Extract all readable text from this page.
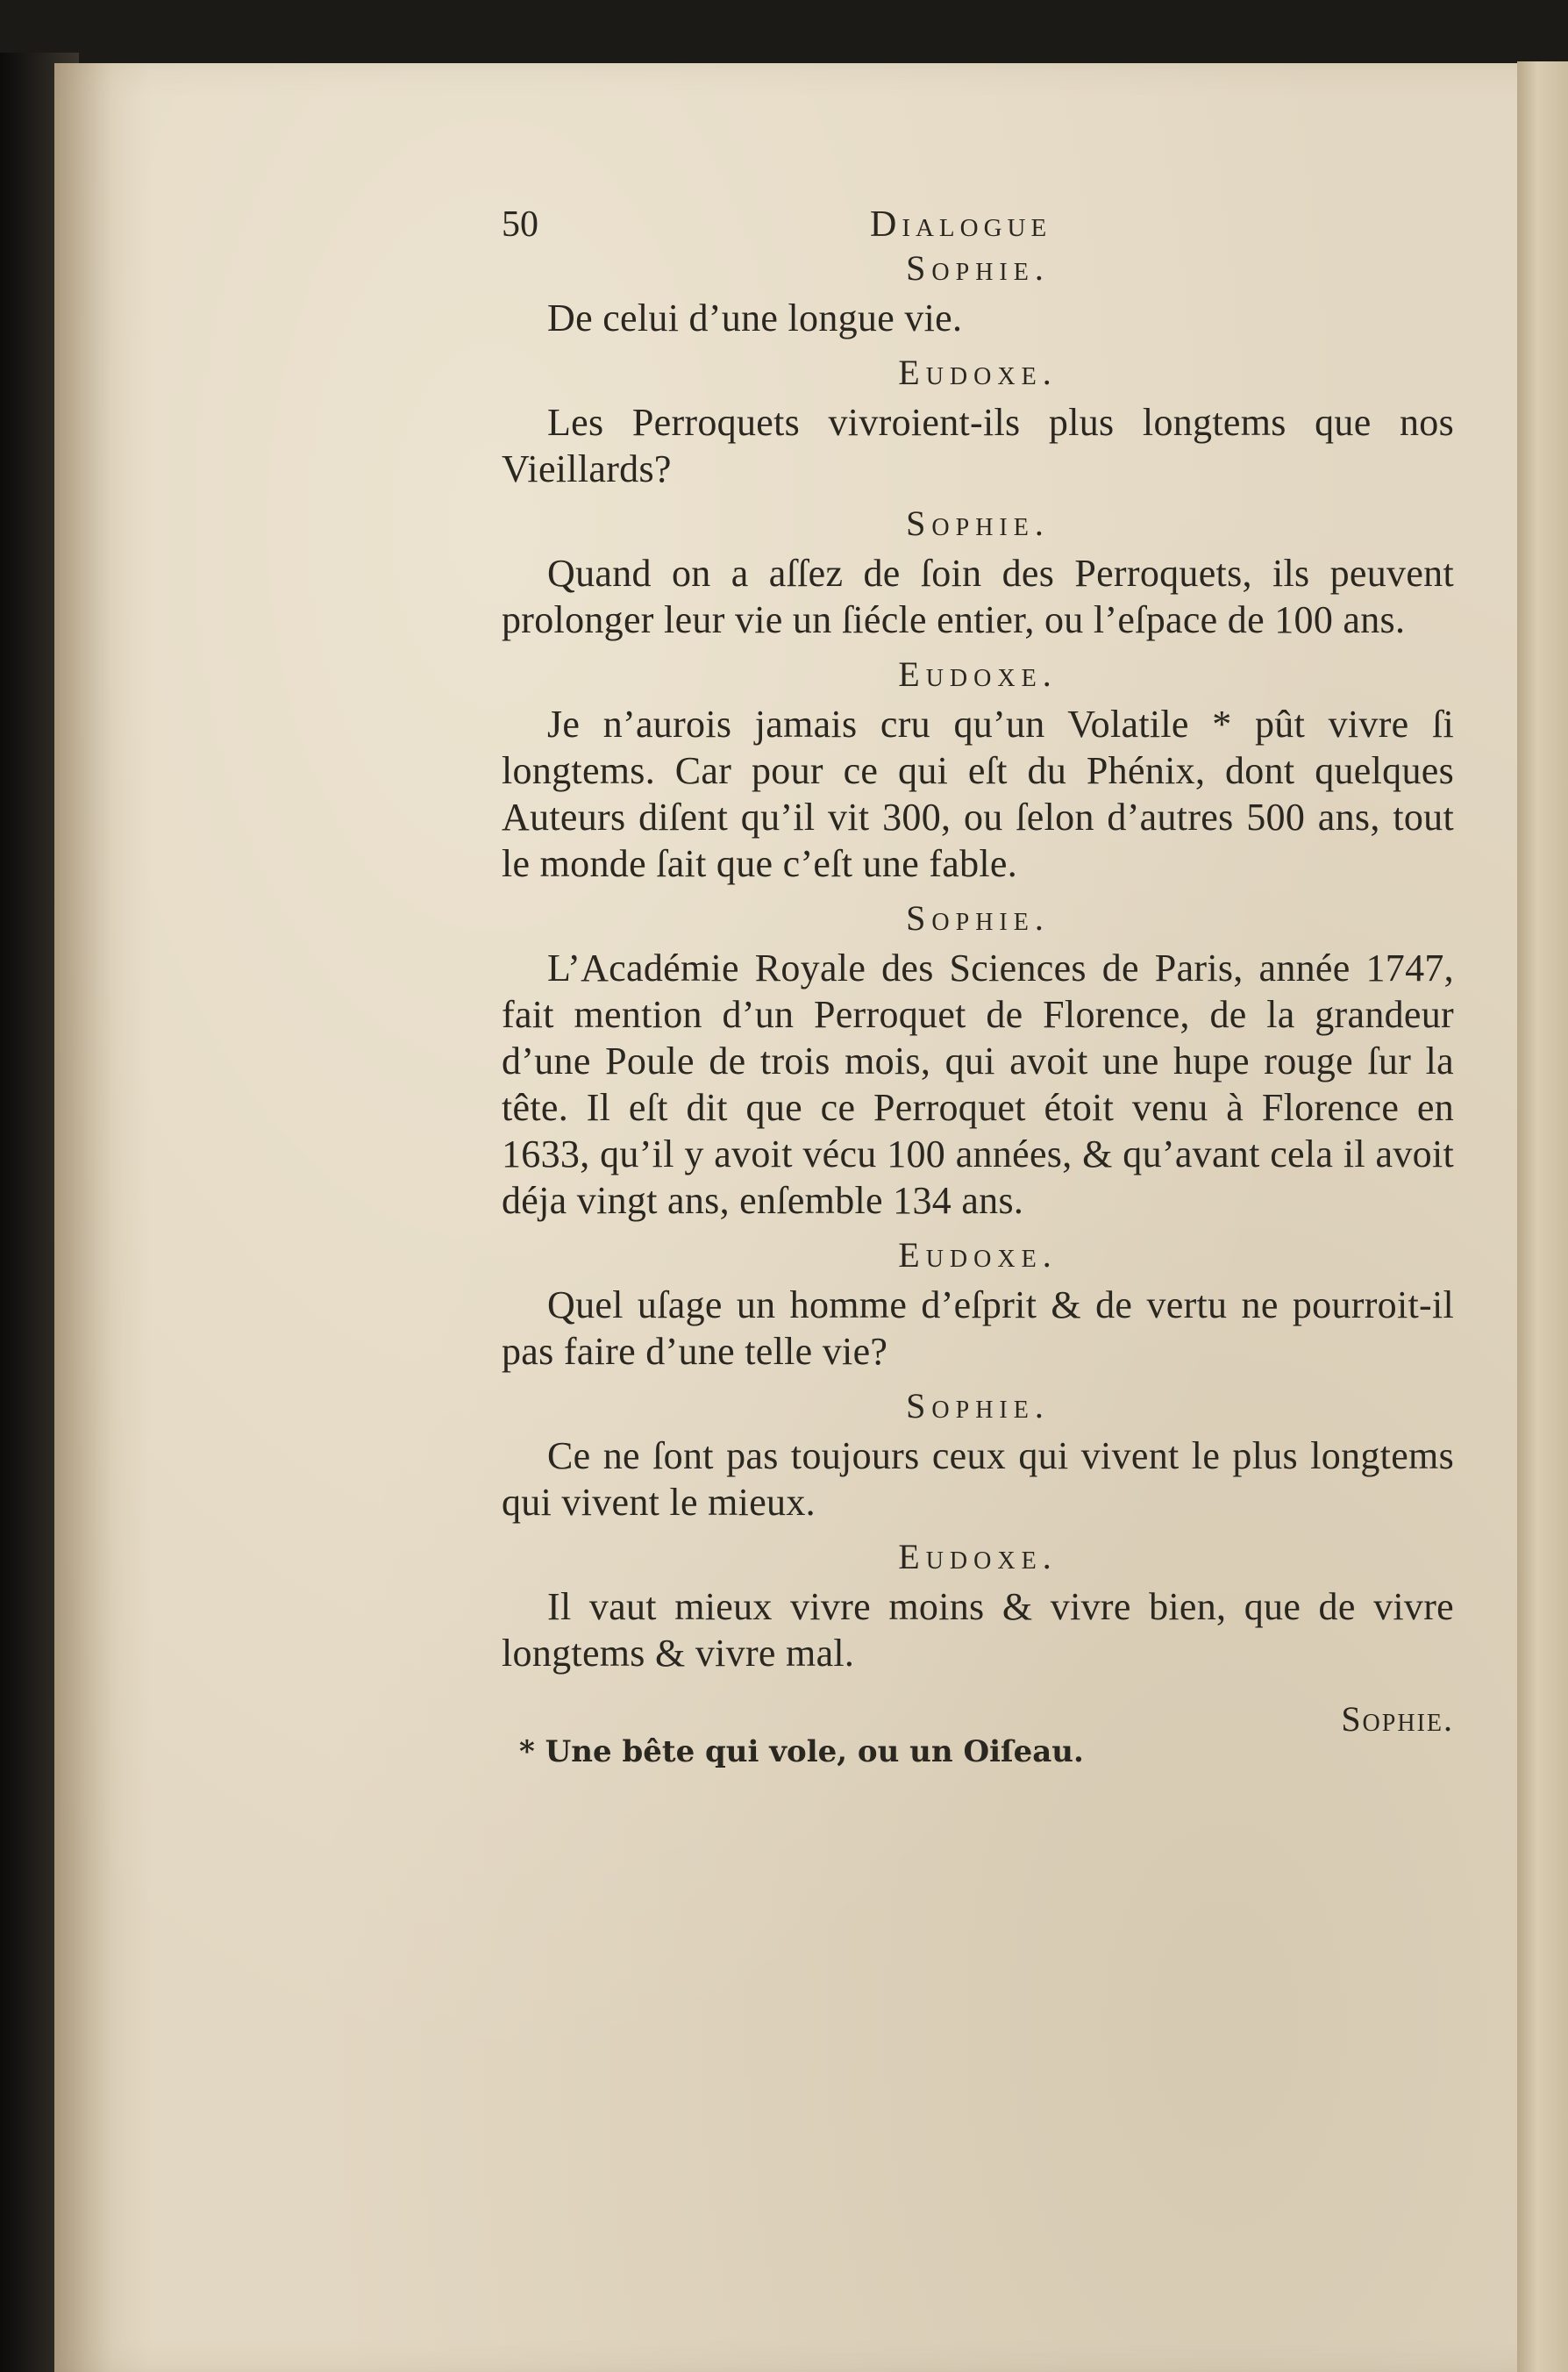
50	Dialogue
Sophie.

De celui d’une longue vie.

Eudoxe.

Les Perroquets vivroient-ils plus longtems que nos Vieillards?

Sophie.

Quand on a aſſez de ſoin des Perroquets, ils peuvent prolonger leur vie un ſiécle entier, ou l’eſpace de 100 ans.

Eudoxe.

Je n’aurois jamais cru qu’un Volatile * pût vivre ſi longtems. Car pour ce qui eſt du Phénix, dont quelques Auteurs diſent qu’il vit 300, ou ſelon d’autres 500 ans, tout le monde ſait que c’eſt une fable.

Sophie.

L’Académie Royale des Sciences de Paris, année 1747, fait mention d’un Perroquet de Florence, de la grandeur d’une Poule de trois mois, qui avoit une hupe rouge ſur la tête. Il eſt dit que ce Perroquet étoit venu à Florence en 1633, qu’il y avoit vécu 100 années, & qu’avant cela il avoit déja vingt ans, enſemble 134 ans.

Eudoxe.

Quel uſage un homme d’eſprit & de vertu ne pourroit-il pas faire d’une telle vie?

Sophie.

Ce ne ſont pas toujours ceux qui vivent le plus longtems qui vivent le mieux.

Eudoxe.

Il vaut mieux vivre moins & vivre bien, que de vivre longtems & vivre mal.

Sophie.
* Une bête qui vole, ou un Oiſeau.
